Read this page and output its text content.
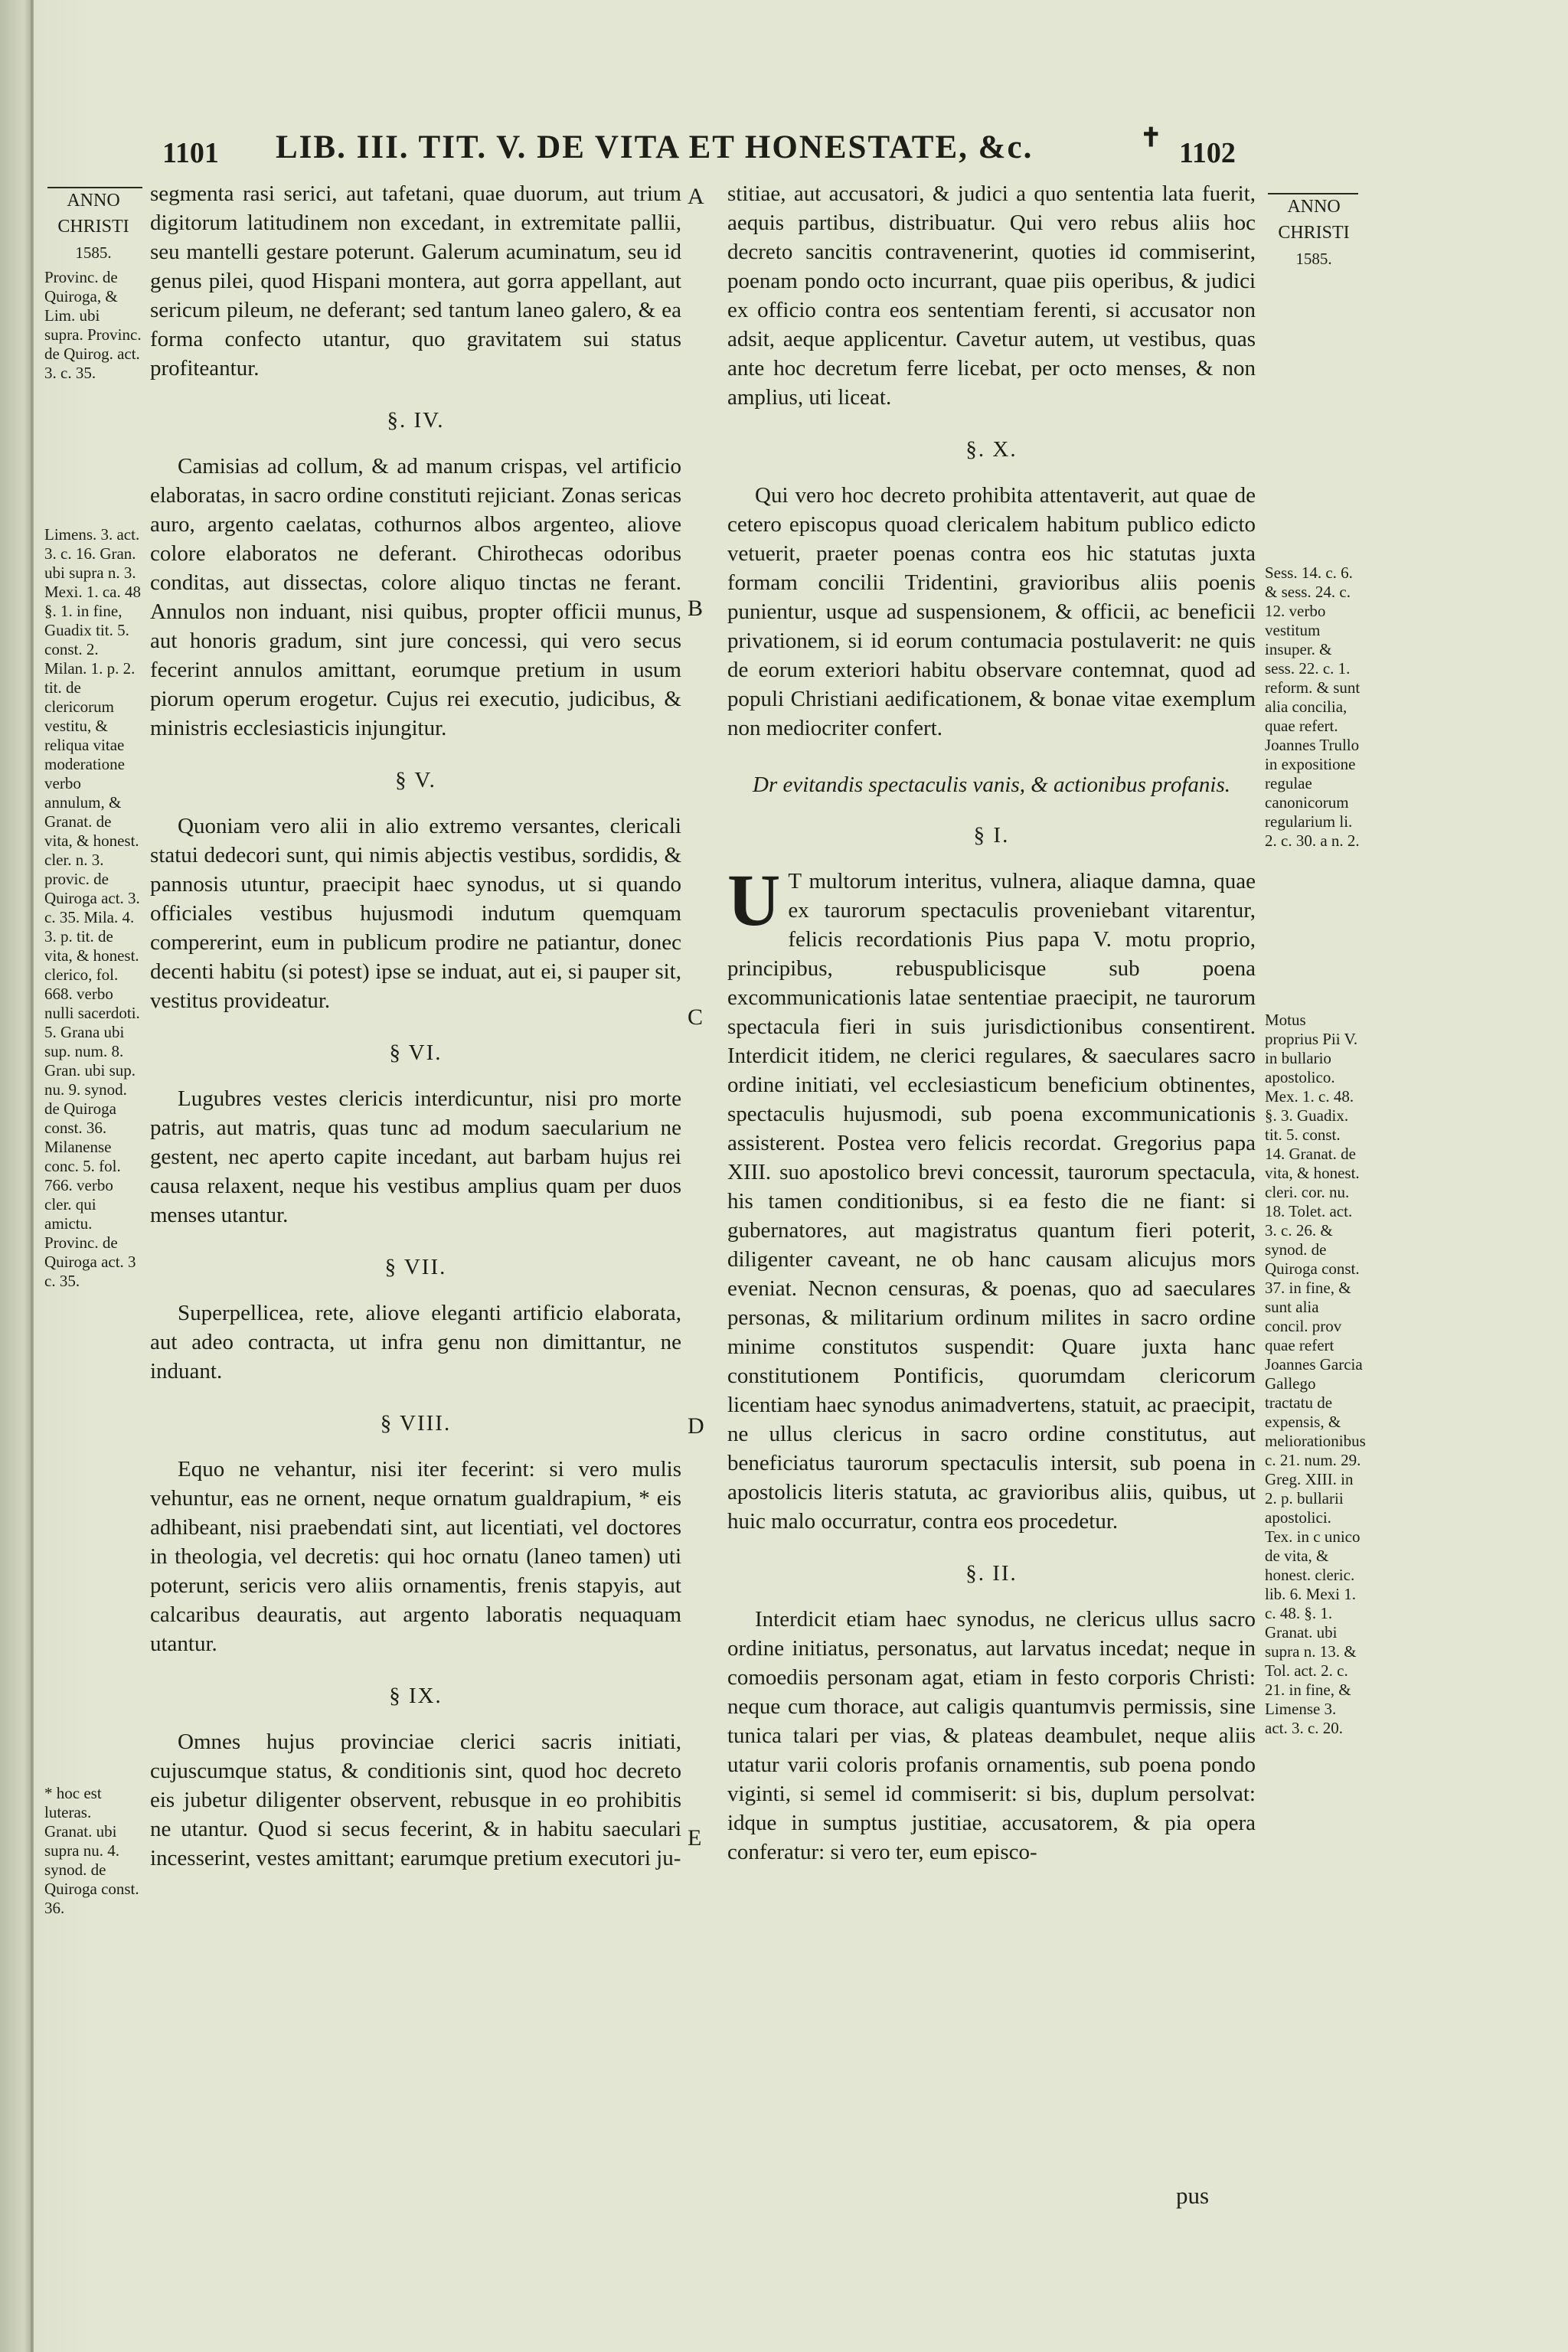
1101 LIB. III. TIT. V. DE VITA ET HONESTATE, &c.	✝ 1102
ANNO
CHRISTI
1585.
Provinc. de Quiroga, & Lim. ubi supra. Provinc. de Quirog. act. 3. c. 35.
Limens. 3. act. 3. c. 16. Gran. ubi supra n. 3. Mexi. 1. ca. 48 §. 1. in fine, Guadix tit. 5. const. 2. Milan. 1. p. 2. tit. de clericorum vestitu, & reliqua vitae moderatione verbo annulum, & Granat. de vita, & honest. cler. n. 3. provic. de Quiroga act. 3. c. 35. Mila. 4. 3. p. tit. de vita, & honest. clerico, fol. 668. verbo nulli sacerdoti. 5. Grana ubi sup. num. 8. Gran. ubi sup. nu. 9. synod. de Quiroga const. 36. Milanense conc. 5. fol. 766. verbo cler. qui amictu. Provinc. de Quiroga act. 3 c. 35.
* hoc est luteras. Granat. ubi supra nu. 4. synod. de Quiroga const. 36.

segmenta rasi serici, aut tafetani, quae duorum, aut trium digitorum latitudinem non excedant, in extremitate pallii, seu mantelli gestare poterunt. Galerum acuminatum, seu id genus pilei, quod Hispani montera, aut gorra appellant, aut sericum pileum, ne deferant; sed tantum laneo galero, & ea forma confecto utantur, quo gravitatem sui status profiteantur.

§. IV.

Camisias ad collum, & ad manum crispas, vel artificio elaboratas, in sacro ordine constituti rejiciant. Zonas sericas auro, argento caelatas, cothurnos albos argenteo, aliove colore elaboratos ne deferant. Chirothecas odoribus conditas, aut dissectas, colore aliquo tinctas ne ferant. Annulos non induant, nisi quibus, propter officii munus, aut honoris gradum, sint jure concessi, qui vero secus fecerint annulos amittant, eorumque pretium in usum piorum operum erogetur. Cujus rei executio, judicibus, & ministris ecclesiasticis injungitur.

§ V.

Quoniam vero alii in alio extremo versantes, clericali statui dedecori sunt, qui nimis abjectis vestibus, sordidis, & pannosis utuntur, praecipit haec synodus, ut si quando officiales vestibus hujusmodi indutum quemquam compererint, eum in publicum prodire ne patiantur, donec decenti habitu (si potest) ipse se induat, aut ei, si pauper sit, vestitus provideatur.

§ VI.

Lugubres vestes clericis interdicuntur, nisi pro morte patris, aut matris, quas tunc ad modum saecularium ne gestent, nec aperto capite incedant, aut barbam hujus rei causa relaxent, neque his vestibus amplius quam per duos menses utantur.

§ VII.

Superpellicea, rete, aliove eleganti artificio elaborata, aut adeo contracta, ut infra genu non dimittantur, ne induant.

§ VIII.

Equo ne vehantur, nisi iter fecerint: si vero mulis vehuntur, eas ne ornent, neque ornatum gualdrapium, * eis adhibeant, nisi praebendati sint, aut licentiati, vel doctores in theologia, vel decretis: qui hoc ornatu (laneo tamen) uti poterunt, sericis vero aliis ornamentis, frenis stapyis, aut calcaribus deauratis, aut argento laboratis nequaquam utantur.

§ IX.

Omnes hujus provinciae clerici sacris initiati, cujuscumque status, & conditionis sint, quod hoc decreto eis jubetur diligenter observent, rebusque in eo prohibitis ne utantur. Quod si secus fecerint, & in habitu saeculari incesserint, vestes amittant; earumque pretium executori ju-

A
B
C
D
E

stitiae, aut accusatori, & judici a quo sententia lata fuerit, aequis partibus, distribuatur. Qui vero rebus aliis hoc decreto sancitis contravenerint, quoties id commiserint, poenam pondo octo incurrant, quae piis operibus, & judici ex officio contra eos sententiam ferenti, si accusator non adsit, aeque applicentur. Cavetur autem, ut vestibus, quas ante hoc decretum ferre licebat, per octo menses, & non amplius, uti liceat.

§. X.

Qui vero hoc decreto prohibita attentaverit, aut quae de cetero episcopus quoad clericalem habitum publico edicto vetuerit, praeter poenas contra eos hic statutas juxta formam concilii Tridentini, gravioribus aliis poenis punientur, usque ad suspensionem, & officii, ac beneficii privationem, si id eorum contumacia postulaverit: ne quis de eorum exteriori habitu observare contemnat, quod ad populi Christiani aedificationem, & bonae vitae exemplum non mediocriter confert.

Dr evitandis spectaculis vanis, & actionibus profanis.
§ I.

U T multorum interitus, vulnera, aliaque damna, quae ex taurorum spectaculis proveniebant vitarentur, felicis recordationis Pius papa V. motu proprio, principibus, rebuspublicisque sub poena excommunicationis latae sententiae praecipit, ne taurorum spectacula fieri in suis jurisdictionibus consentirent. Interdicit itidem, ne clerici regulares, & saeculares sacro ordine initiati, vel ecclesiasticum beneficium obtinentes, spectaculis hujusmodi, sub poena excommunicationis assisterent. Postea vero felicis recordat. Gregorius papa XIII. suo apostolico brevi concessit, taurorum spectacula, his tamen conditionibus, si ea festo die ne fiant: si gubernatores, aut magistratus quantum fieri poterit, diligenter caveant, ne ob hanc causam alicujus mors eveniat. Necnon censuras, & poenas, quo ad saeculares personas, & militarium ordinum milites in sacro ordine minime constitutos suspendit: Quare juxta hanc constitutionem Pontificis, quorumdam clericorum licentiam haec synodus animadvertens, statuit, ac praecipit, ne ullus clericus in sacro ordine constitutus, aut beneficiatus taurorum spectaculis intersit, sub poena in apostolicis literis statuta, ac gravioribus aliis, quibus, ut huic malo occurratur, contra eos procedetur.

§. II.

Interdicit etiam haec synodus, ne clericus ullus sacro ordine initiatus, personatus, aut larvatus incedat; neque in comoediis personam agat, etiam in festo corporis Christi: neque cum thorace, aut caligis quantumvis permissis, sine tunica talari per vias, & plateas deambulet, neque aliis utatur varii coloris profanis ornamentis, sub poena pondo viginti, si semel id commiserit: si bis, duplum persolvat: idque in sumptus justitiae, accusatorem, & pia opera conferatur: si vero ter, eum episco-

pus
ANNO
CHRISTI
1585.
Sess. 14. c. 6. & sess. 24. c. 12. verbo vestitum insuper. & sess. 22. c. 1. reform. & sunt alia concilia, quae refert. Joannes Trullo in expositione regulae canonicorum regularium li. 2. c. 30. a n. 2.
Motus proprius Pii V. in bullario apostolico. Mex. 1. c. 48. §. 3. Guadix. tit. 5. const. 14. Granat. de vita, & honest. cleri. cor. nu. 18. Tolet. act. 3. c. 26. & synod. de Quiroga const. 37. in fine, & sunt alia concil. prov quae refert Joannes Garcia Gallego tractatu de expensis, & meliorationibus c. 21. num. 29. Greg. XIII. in 2. p. bullarii apostolici. Tex. in c unico de vita, & honest. cleric. lib. 6. Mexi 1. c. 48. §. 1. Granat. ubi supra n. 13. & Tol. act. 2. c. 21. in fine, & Limense 3. act. 3. c. 20.
